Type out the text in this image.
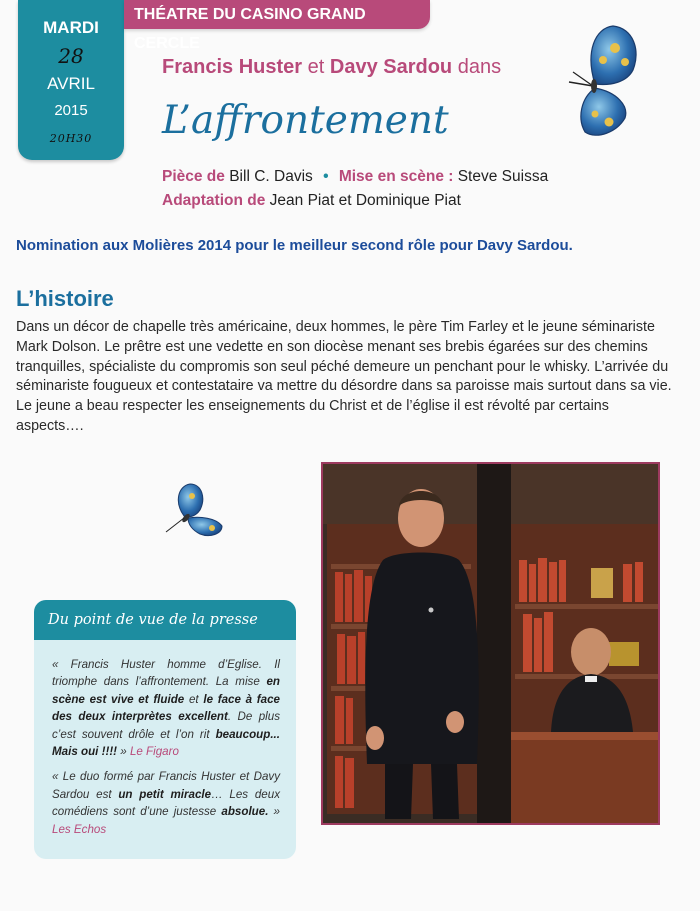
MARDI
28
AVRIL
2015
20H30
THÉATRE DU CASINO GRAND CERCLE
Francis Huster et Davy Sardou dans
L’affrontement
Pièce de Bill C. Davis • Mise en scène : Steve Suissa
Adaptation de Jean Piat et Dominique Piat
Nomination aux Molières 2014 pour le meilleur second rôle pour Davy Sardou.
L’histoire
Dans un décor de chapelle très américaine, deux hommes, le père Tim Farley et le jeune séminariste Mark Dolson. Le prêtre est une vedette en son diocèse menant ses brebis égarées sur des chemins tranquilles, spécialiste du compromis son seul péché demeure un penchant pour le whisky. L’arrivée du séminariste fougueux et contestataire va mettre du désordre dans sa paroisse mais surtout dans sa vie. Le jeune a beau respecter les enseignements du Christ et de l’église il est révolté par certains aspects….
Du point de vue de la presse

« Francis Huster homme d’Eglise. Il triomphe dans l’affrontement. La mise en scène est vive et fluide et le face à face des deux interprètes excellent. De plus c’est souvent drôle et l’on rit beaucoup... Mais oui !!!! » Le Figaro

« Le duo formé par Francis Huster et Davy Sardou est un petit miracle… Les deux comédiens sont d’une justesse absolue. » Les Echos
